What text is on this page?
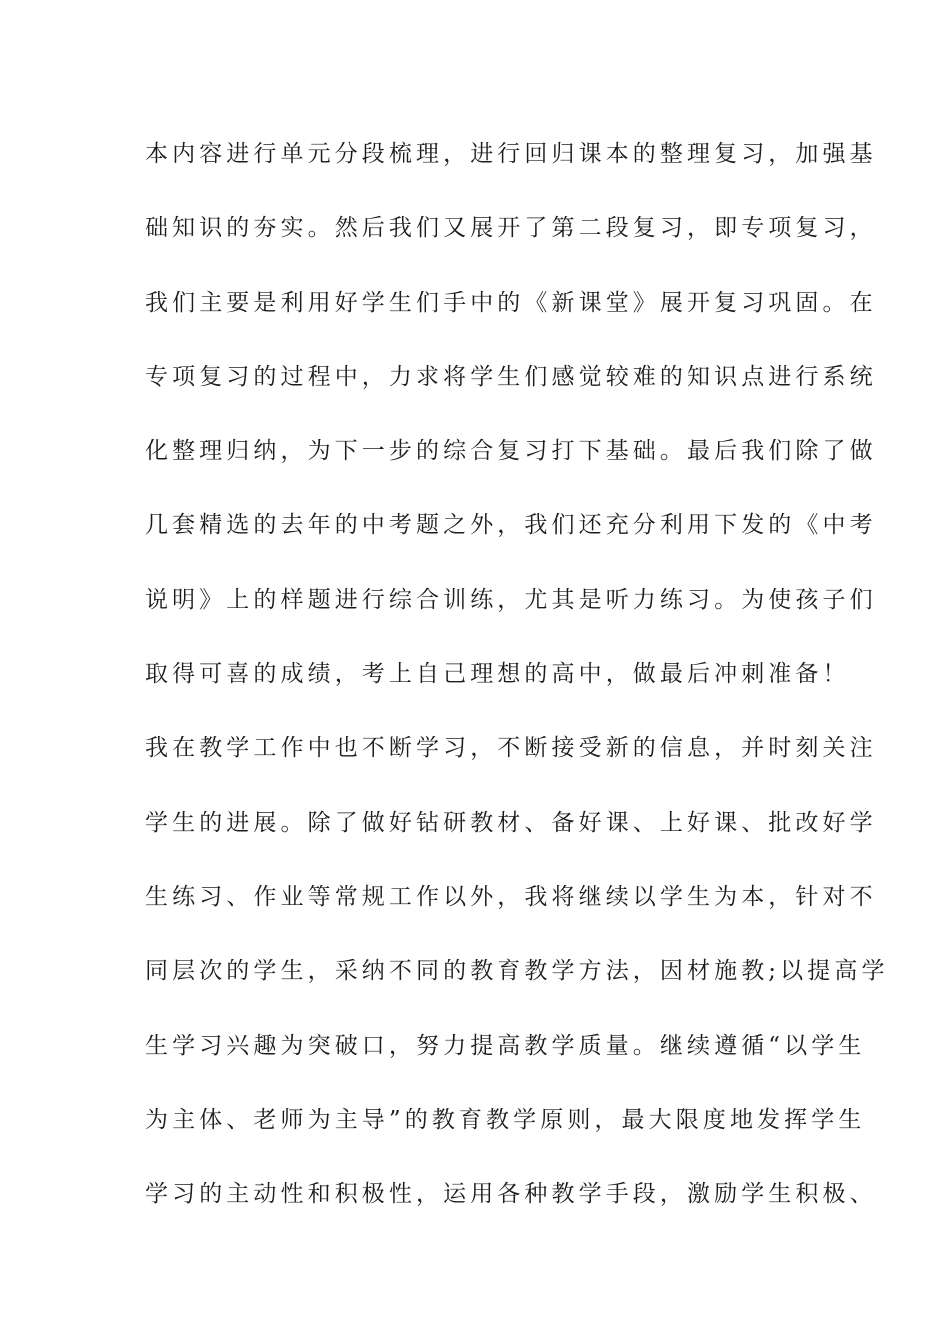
本内容进行单元分段梳理，进行回归课本的整理复习，加强基
础知识的夯实。然后我们又展开了第二段复习，即专项复习，
我们主要是利用好学生们手中的《新课堂》展开复习巩固。在
专项复习的过程中，力求将学生们感觉较难的知识点进行系统
化整理归纳，为下一步的综合复习打下基础。最后我们除了做
几套精选的去年的中考题之外，我们还充分利用下发的《中考
说明》上的样题进行综合训练，尤其是听力练习。为使孩子们
取得可喜的成绩，考上自己理想的高中，做最后冲刺准备！
我在教学工作中也不断学习，不断接受新的信息，并时刻关注
学生的进展。除了做好钻研教材、备好课、上好课、批改好学
生练习、作业等常规工作以外，我将继续以学生为本，针对不
同层次的学生，采纳不同的教育教学方法，因材施教;以提高学
生学习兴趣为突破口，努力提高教学质量。继续遵循“以学生
为主体、老师为主导”的教育教学原则，最大限度地发挥学生
学习的主动性和积极性，运用各种教学手段，激励学生积极、
